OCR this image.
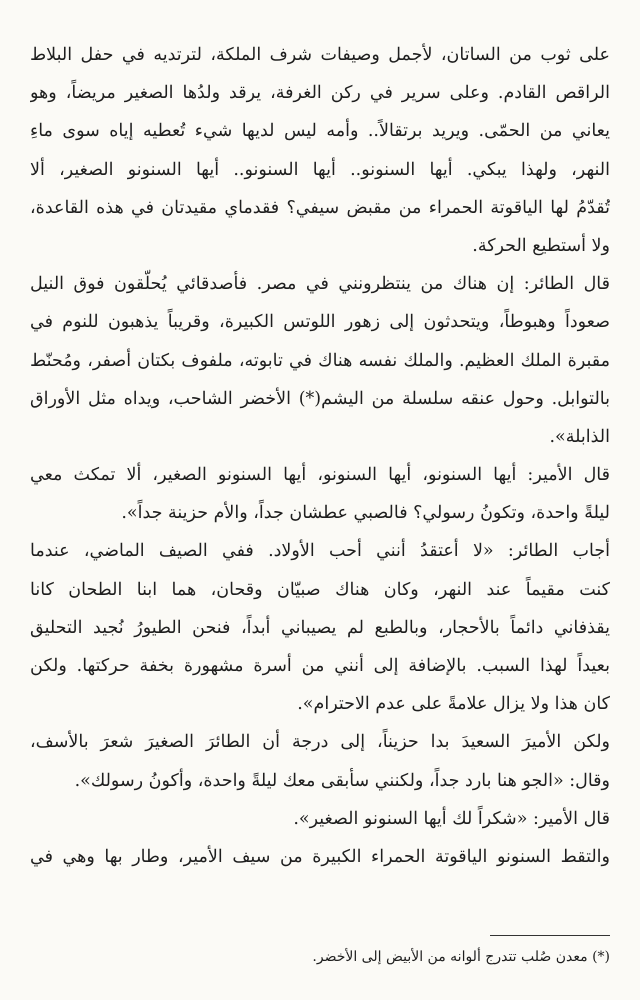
على ثوب من الساتان، لأجمل وصيفات شرف الملكة، لترتديه في حفل البلاط
الراقص القادم. وعلى سرير في ركن الغرفة، يرقد ولدُها الصغير مريضاً، وهو
يعاني من الحمّى. ويريد برتقالاً.. وأمه ليس لديها شيء تُعطيه إياه سوى ماءِ
النهر، ولهذا يبكي. أيها السنونو.. أيها السنونو.. أيها السنونو الصغير، ألا
تُقدّمُ لها الياقوتة الحمراء من مقبض سيفي؟ فقدماي مقيدتان في هذه القاعدة،
ولا أستطيع الحركة.
قال الطائر: إن هناك من ينتظرونني في مصر. فأصدقائي يُحلّقون فوق النيل
صعوداً وهبوطاً، ويتحدثون إلى زهور اللوتس الكبيرة، وقريباً يذهبون للنوم في
مقبرة الملك العظيم. والملك نفسه هناك في تابوته، ملفوف بكتان أصفر، ومُحنّط
بالتوابل. وحول عنقه سلسلة من اليشم(*) الأخضر الشاحب، ويداه مثل الأوراق
الذابلة».
قال الأمير: أيها السنونو، أيها السنونو، أيها السنونو الصغير، ألا تمكث معي
ليلةً واحدة، وتكونُ رسولي؟ فالصبي عطشان جداً، والأم حزينة جداً».
أجاب الطائر: «لا أعتقدُ أنني أحب الأولاد. ففي الصيف الماضي، عندما
كنت مقيماً عند النهر، وكان هناك صبيّان وقحان، هما ابنا الطحان كانا
يقذفاني دائماً بالأحجار، وبالطبع لم يصيباني أبداً، فنحن الطيورُ نُجيد التحليق
بعيداً لهذا السبب. بالإضافة إلى أنني من أسرة مشهورة بخفة حركتها. ولكن
كان هذا ولا يزال علامةً على عدم الاحترام».
ولكن الأميرَ السعيدَ بدا حزيناً، إلى درجة أن الطائرَ الصغيرَ شعرَ بالأسف،
وقال: «الجو هنا بارد جداً، ولكنني سأبقى معك ليلةً واحدة، وأكونُ رسولك».
قال الأمير: «شكراً لك أيها السنونو الصغير».
والتقط السنونو الياقوتة الحمراء الكبيرة من سيف الأمير، وطار بها وهي في
(*) معدن صُلب تتدرج ألوانه من الأبيض إلى الأخضر.
